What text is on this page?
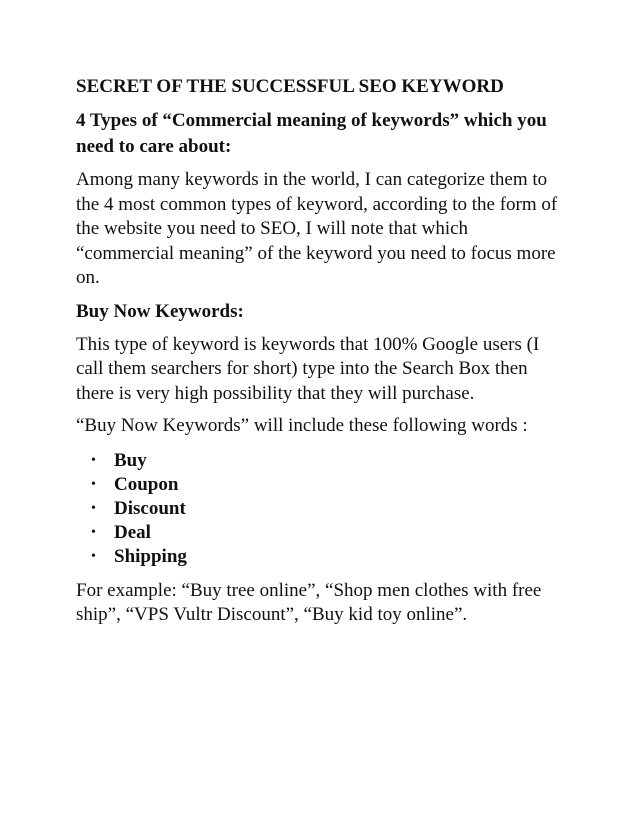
SECRET OF THE SUCCESSFUL SEO KEYWORD
4 Types of “Commercial meaning of keywords” which you need to care about:
Among many keywords in the world, I can categorize them to the 4 most common types of keyword, according to the form of the website you need to SEO, I will note that which “commercial meaning” of the keyword you need to focus more on.
Buy Now Keywords:
This type of keyword is keywords that 100% Google users (I call them searchers for short) type into the Search Box then there is very high possibility that they will purchase.
“Buy Now Keywords” will include these following words :
• Buy
• Coupon
• Discount
• Deal
• Shipping
For example: “Buy tree online”, “Shop men clothes with free ship”, “VPS Vultr Discount”, “Buy kid toy online”.
